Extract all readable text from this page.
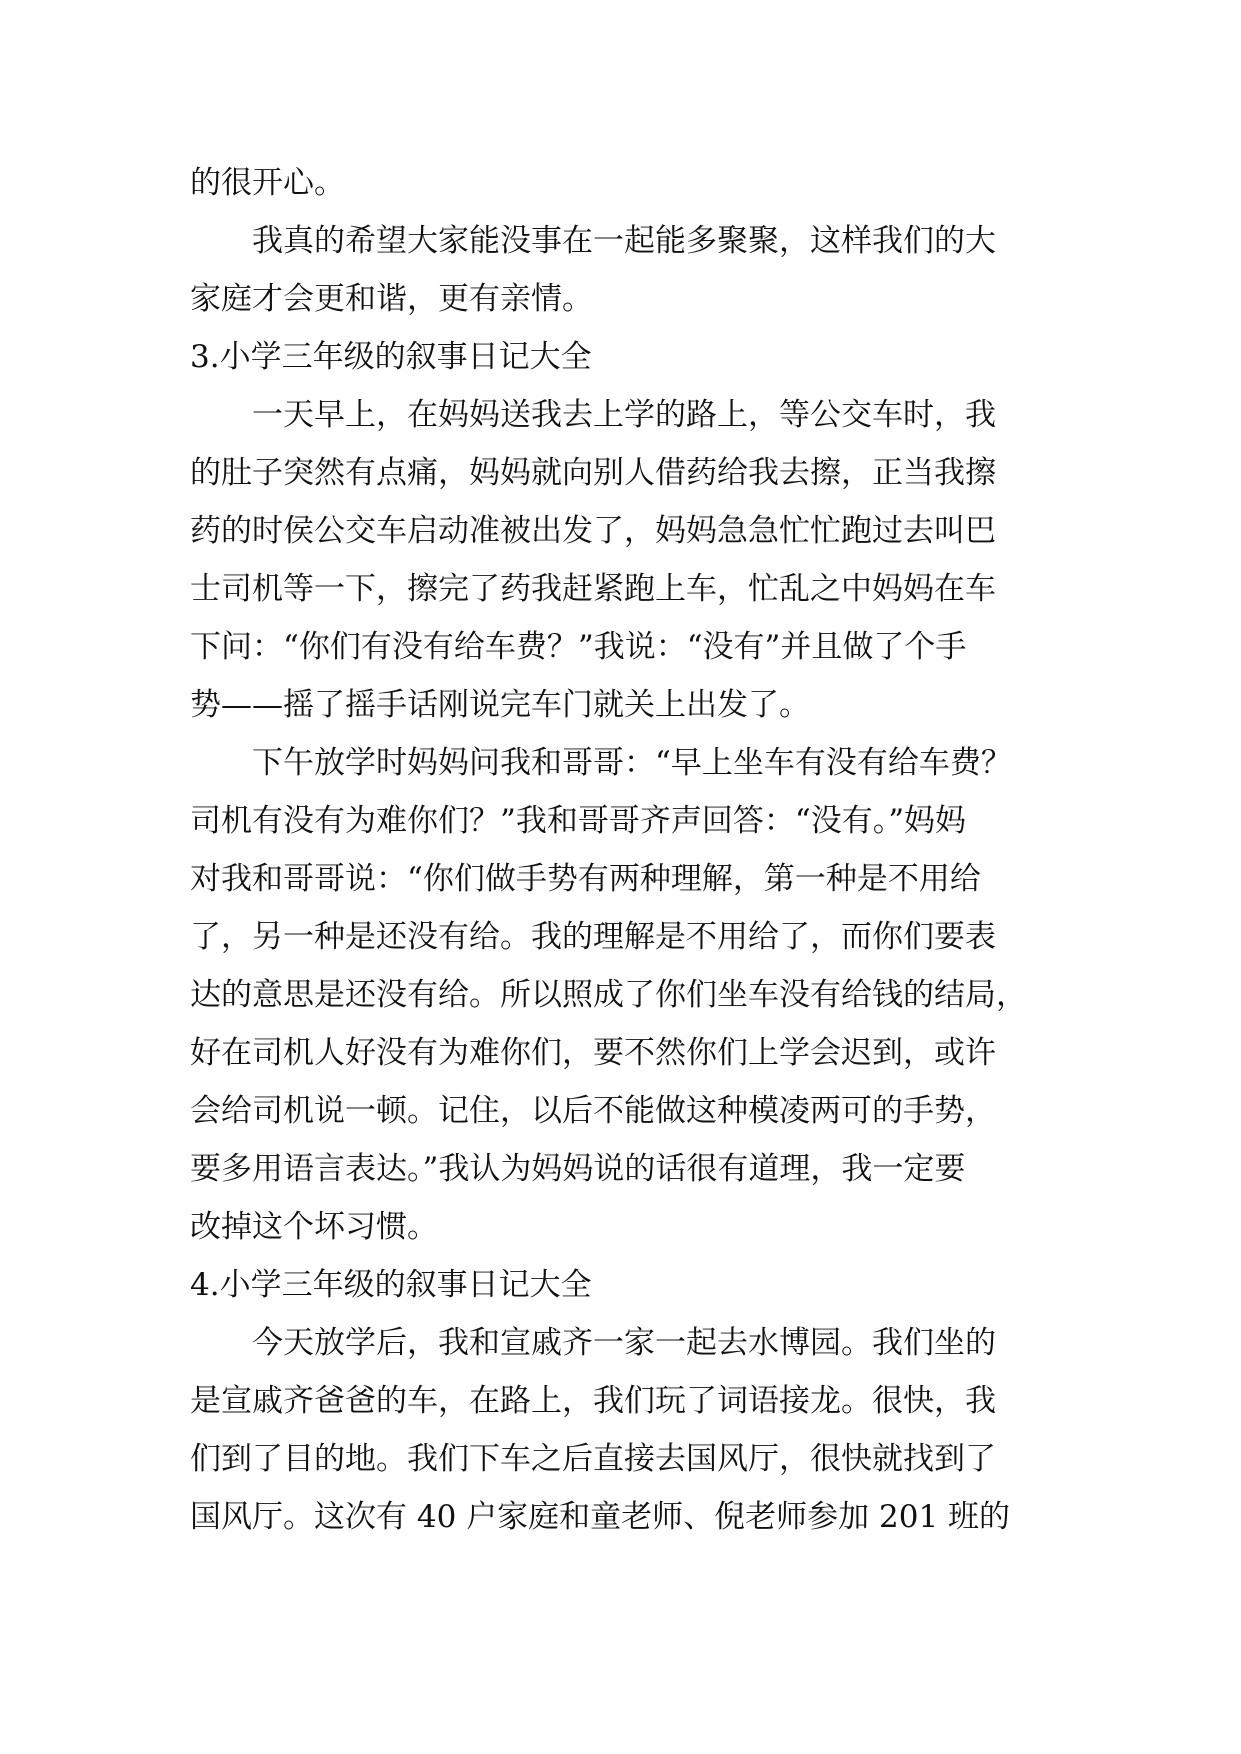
的很开心。
　　我真的希望大家能没事在一起能多聚聚，这样我们的大
家庭才会更和谐，更有亲情。
3.小学三年级的叙事日记大全
　　一天早上，在妈妈送我去上学的路上，等公交车时，我
的肚子突然有点痛，妈妈就向别人借药给我去擦，正当我擦
药的时侯公交车启动准被出发了，妈妈急急忙忙跑过去叫巴
士司机等一下，擦完了药我赶紧跑上车，忙乱之中妈妈在车
下问：“你们有没有给车费？”我说：“没有”并且做了个手
势——摇了摇手话刚说完车门就关上出发了。
　　下午放学时妈妈问我和哥哥：“早上坐车有没有给车费？
司机有没有为难你们？”我和哥哥齐声回答：“没有。”妈妈
对我和哥哥说：“你们做手势有两种理解，第一种是不用给
了，另一种是还没有给。我的理解是不用给了，而你们要表
达的意思是还没有给。所以照成了你们坐车没有给钱的结局，
好在司机人好没有为难你们，要不然你们上学会迟到，或许
会给司机说一顿。记住，以后不能做这种模凌两可的手势，
要多用语言表达。”我认为妈妈说的话很有道理，我一定要
改掉这个坏习惯。
4.小学三年级的叙事日记大全
　　今天放学后，我和宣戚齐一家一起去水博园。我们坐的
是宣戚齐爸爸的车，在路上，我们玩了词语接龙。很快，我
们到了目的地。我们下车之后直接去国风厅，很快就找到了
国风厅。这次有 40 户家庭和童老师、倪老师参加 201 班的
